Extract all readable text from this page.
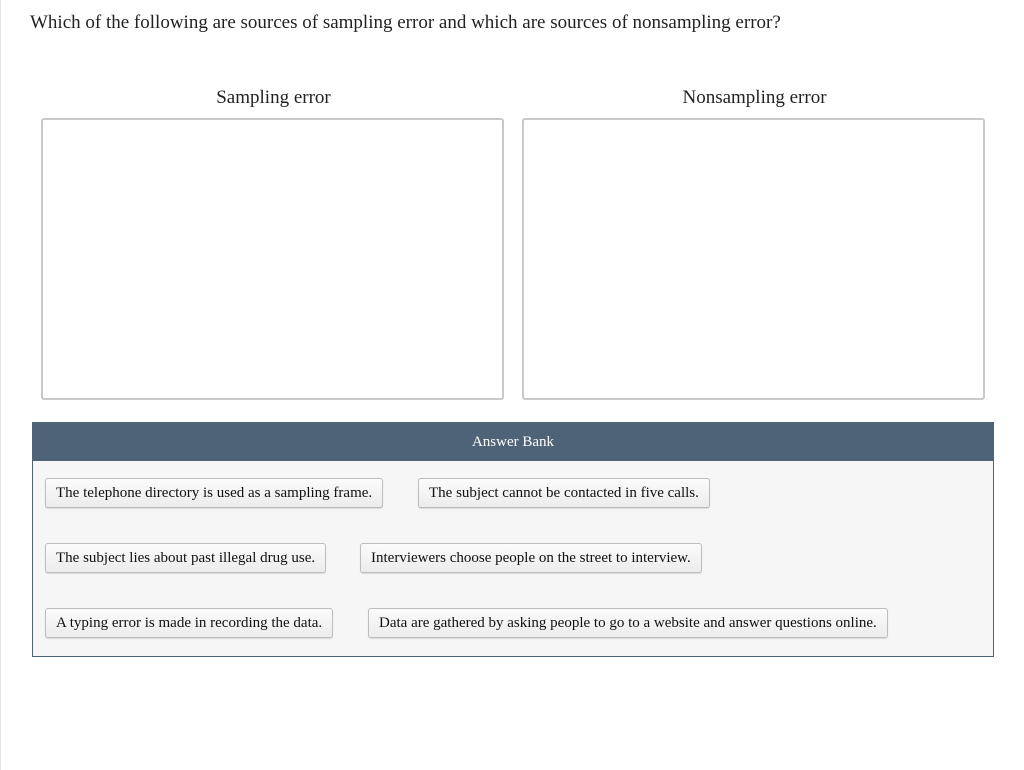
Which of the following are sources of sampling error and which are sources of nonsampling error?
Sampling error	Nonsampling error
Answer Bank
The telephone directory is used as a sampling frame.	The subject cannot be contacted in five calls.
The subject lies about past illegal drug use.	Interviewers choose people on the street to interview.
A typing error is made in recording the data.	Data are gathered by asking people to go to a website and answer questions online.
